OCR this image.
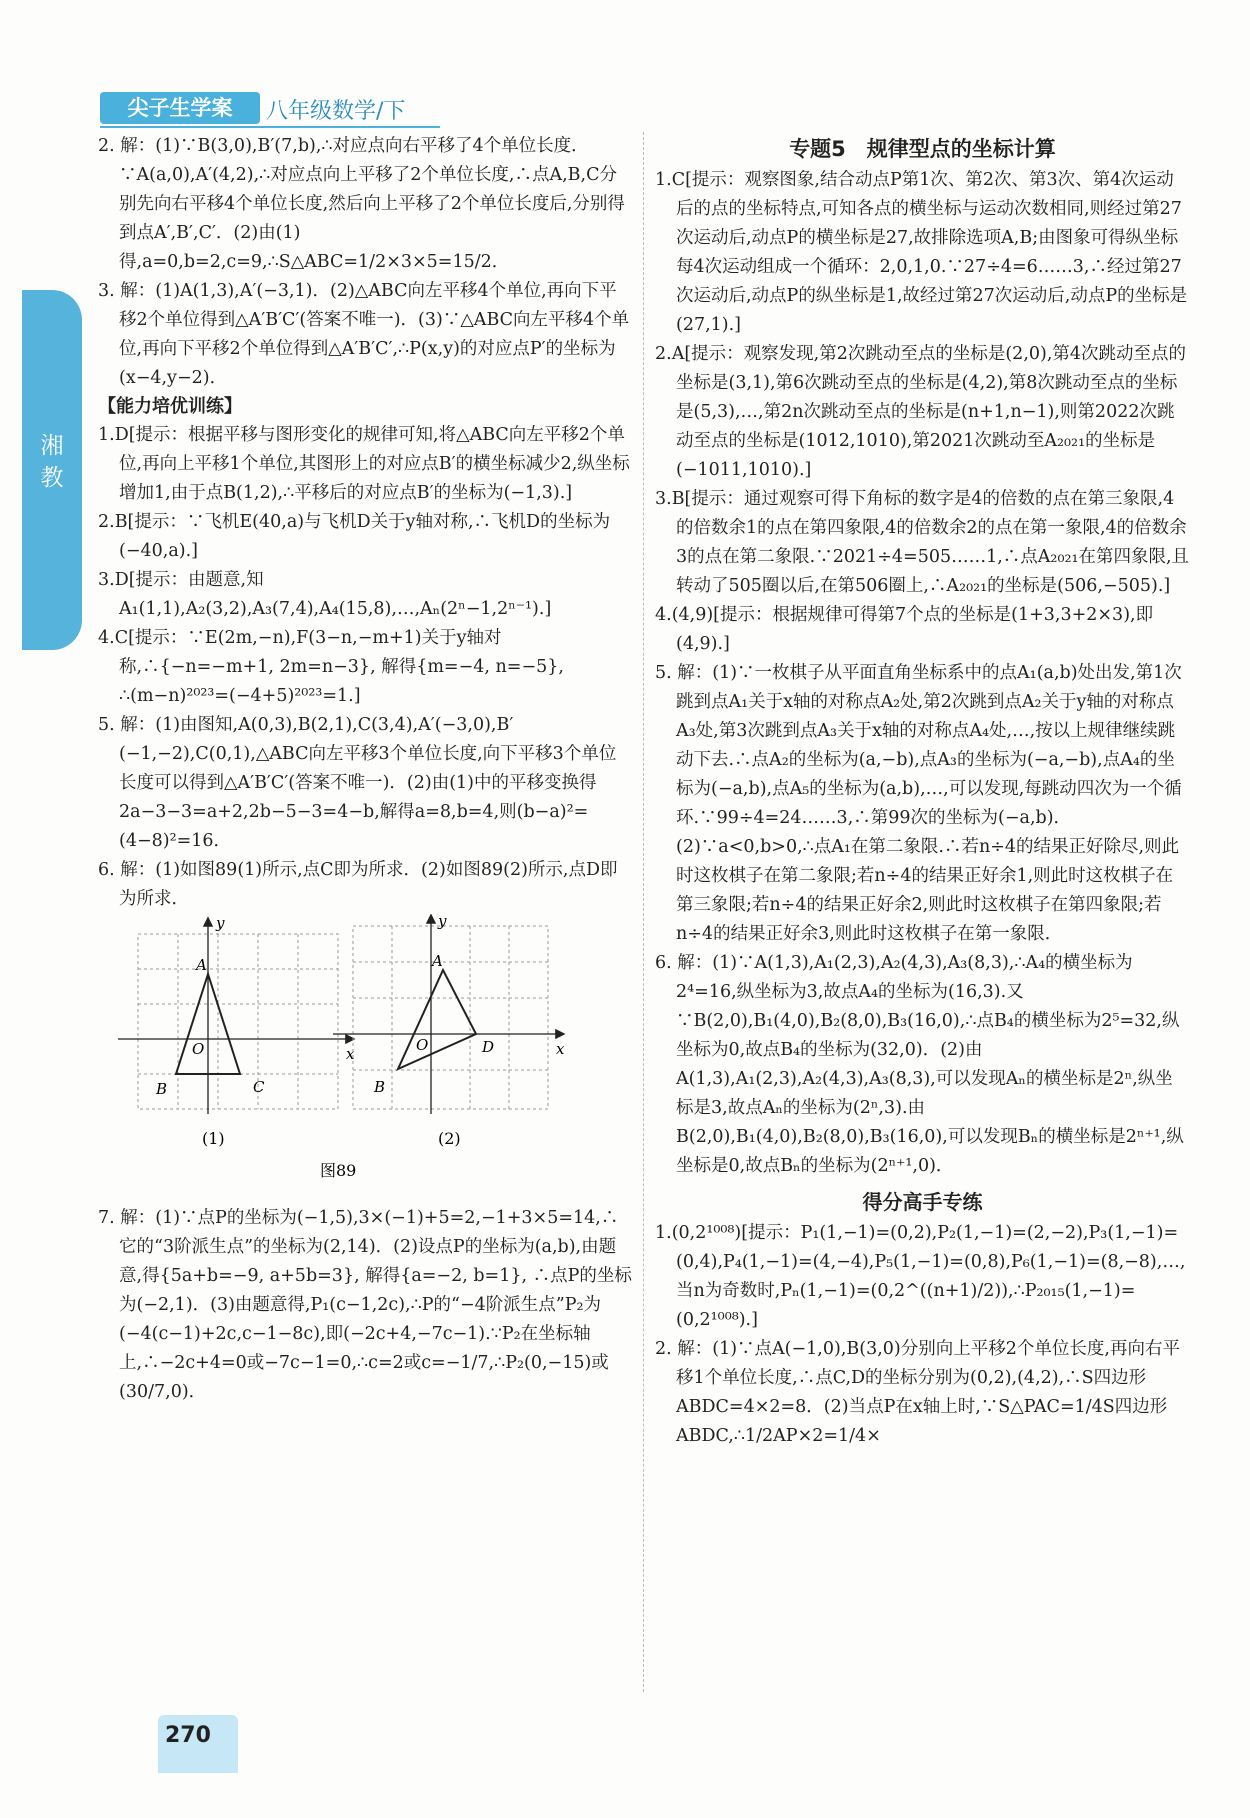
湘教
尖子生学案	八年级数学/下

2. 解：(1)∵B(3,0),B′(7,b),∴对应点向右平移了4个单位长度．∵A(a,0),A′(4,2),∴对应点向上平移了2个单位长度,∴点A,B,C分别先向右平移4个单位长度,然后向上平移了2个单位长度后,分别得到点A′,B′,C′．(2)由(1)得,a=0,b=2,c=9,∴S△ABC=1/2×3×5=15/2．

3. 解：(1)A(1,3),A′(−3,1)．(2)△ABC向左平移4个单位,再向下平移2个单位得到△A′B′C′(答案不唯一)．(3)∵△ABC向左平移4个单位,再向下平移2个单位得到△A′B′C′,∴P(x,y)的对应点P′的坐标为(x−4,y−2)．

【能力培优训练】

1.D[提示：根据平移与图形变化的规律可知,将△ABC向左平移2个单位,再向上平移1个单位,其图形上的对应点B′的横坐标减少2,纵坐标增加1,由于点B(1,2),∴平移后的对应点B′的坐标为(−1,3).]

2.B[提示：∵飞机E(40,a)与飞机D关于y轴对称,∴飞机D的坐标为(−40,a).]

3.D[提示：由题意,知A₁(1,1),A₂(3,2),A₃(7,4),A₄(15,8),…,Aₙ(2ⁿ−1,2ⁿ⁻¹).]

4.C[提示：∵E(2m,−n),F(3−n,−m+1)关于y轴对称,∴{−n=−m+1, 2m=n−3}, 解得{m=−4, n=−5}, ∴(m−n)²⁰²³=(−4+5)²⁰²³=1.]

5. 解：(1)由图知,A(0,3),B(2,1),C(3,4),A′(−3,0),B′(−1,−2),C(0,1),△ABC向左平移3个单位长度,向下平移3个单位长度可以得到△A′B′C′(答案不唯一)．(2)由(1)中的平移变换得2a−3−3=a+2,2b−5−3=4−b,解得a=8,b=4,则(b−a)²=(4−8)²=16．

6. 解：(1)如图89(1)所示,点C即为所求．(2)如图89(2)所示,点D即为所求．

y
x
O
A
B	C
(1)
y
x
O
A
B
D
(2)
图89

7. 解：(1)∵点P的坐标为(−1,5),3×(−1)+5=2,−1+3×5=14,∴它的“3阶派生点”的坐标为(2,14)．(2)设点P的坐标为(a,b),由题意,得{5a+b=−9, a+5b=3}, 解得{a=−2, b=1}, ∴点P的坐标为(−2,1)．(3)由题意得,P₁(c−1,2c),∴P的“−4阶派生点”P₂为(−4(c−1)+2c,c−1−8c),即(−2c+4,−7c−1).∵P₂在坐标轴上,∴−2c+4=0或−7c−1=0,∴c=2或c=−1/7,∴P₂(0,−15)或(30/7,0)．

专题5　规律型点的坐标计算

1.C[提示：观察图象,结合动点P第1次、第2次、第3次、第4次运动后的点的坐标特点,可知各点的横坐标与运动次数相同,则经过第27次运动后,动点P的横坐标是27,故排除选项A,B;由图象可得纵坐标每4次运动组成一个循环：2,0,1,0.∵27÷4=6……3,∴经过第27次运动后,动点P的纵坐标是1,故经过第27次运动后,动点P的坐标是(27,1).]

2.A[提示：观察发现,第2次跳动至点的坐标是(2,0),第4次跳动至点的坐标是(3,1),第6次跳动至点的坐标是(4,2),第8次跳动至点的坐标是(5,3),…,第2n次跳动至点的坐标是(n+1,n−1),则第2022次跳动至点的坐标是(1012,1010),第2021次跳动至A₂₀₂₁的坐标是(−1011,1010).]

3.B[提示：通过观察可得下角标的数字是4的倍数的点在第三象限,4的倍数余1的点在第四象限,4的倍数余2的点在第一象限,4的倍数余3的点在第二象限.∵2021÷4=505……1,∴点A₂₀₂₁在第四象限,且转动了505圈以后,在第506圈上,∴A₂₀₂₁的坐标是(506,−505).]

4.(4,9)[提示：根据规律可得第7个点的坐标是(1+3,3+2×3),即(4,9).]

5. 解：(1)∵一枚棋子从平面直角坐标系中的点A₁(a,b)处出发,第1次跳到点A₁关于x轴的对称点A₂处,第2次跳到点A₂关于y轴的对称点A₃处,第3次跳到点A₃关于x轴的对称点A₄处,…,按以上规律继续跳动下去.∴点A₂的坐标为(a,−b),点A₃的坐标为(−a,−b),点A₄的坐标为(−a,b),点A₅的坐标为(a,b),…,可以发现,每跳动四次为一个循环.∵99÷4=24……3,∴第99次的坐标为(−a,b)．(2)∵a<0,b>0,∴点A₁在第二象限.∴若n÷4的结果正好除尽,则此时这枚棋子在第二象限;若n÷4的结果正好余1,则此时这枚棋子在第三象限;若n÷4的结果正好余2,则此时这枚棋子在第四象限;若n÷4的结果正好余3,则此时这枚棋子在第一象限．

6. 解：(1)∵A(1,3),A₁(2,3),A₂(4,3),A₃(8,3),∴A₄的横坐标为2⁴=16,纵坐标为3,故点A₄的坐标为(16,3).又∵B(2,0),B₁(4,0),B₂(8,0),B₃(16,0),∴点B₄的横坐标为2⁵=32,纵坐标为0,故点B₄的坐标为(32,0)．(2)由A(1,3),A₁(2,3),A₂(4,3),A₃(8,3),可以发现Aₙ的横坐标是2ⁿ,纵坐标是3,故点Aₙ的坐标为(2ⁿ,3).由B(2,0),B₁(4,0),B₂(8,0),B₃(16,0),可以发现Bₙ的横坐标是2ⁿ⁺¹,纵坐标是0,故点Bₙ的坐标为(2ⁿ⁺¹,0)．

得分高手专练

1.(0,2¹⁰⁰⁸)[提示：P₁(1,−1)=(0,2),P₂(1,−1)=(2,−2),P₃(1,−1)=(0,4),P₄(1,−1)=(4,−4),P₅(1,−1)=(0,8),P₆(1,−1)=(8,−8),…,当n为奇数时,Pₙ(1,−1)=(0,2^((n+1)/2)),∴P₂₀₁₅(1,−1)=(0,2¹⁰⁰⁸).]

2. 解：(1)∵点A(−1,0),B(3,0)分别向上平移2个单位长度,再向右平移1个单位长度,∴点C,D的坐标分别为(0,2),(4,2),∴S四边形ABDC=4×2=8．(2)当点P在x轴上时,∵S△PAC=1/4S四边形ABDC,∴1/2AP×2=1/4×

270
